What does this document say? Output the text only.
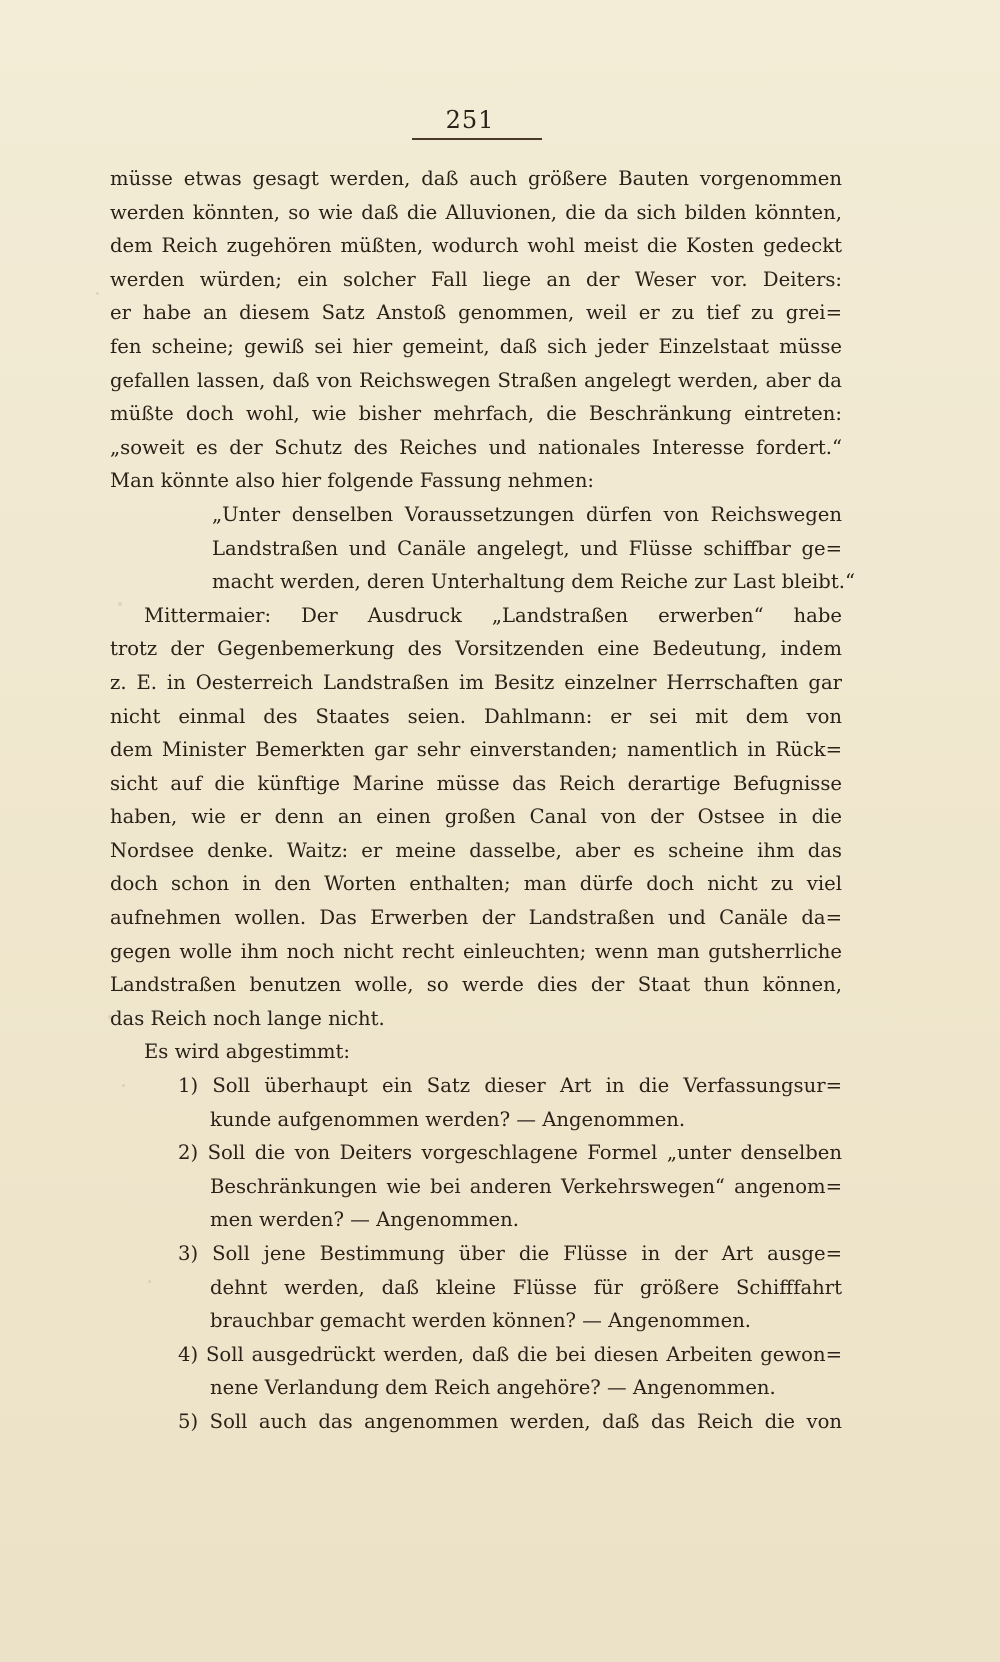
251
müsse etwas gesagt werden, daß auch größere Bauten vorgenommen
werden könnten, so wie daß die Alluvionen, die da sich bilden könnten,
dem Reich zugehören müßten, wodurch wohl meist die Kosten gedeckt
werden würden; ein solcher Fall liege an der Weser vor. Deiters:
er habe an diesem Satz Anstoß genommen, weil er zu tief zu grei=
fen scheine; gewiß sei hier gemeint, daß sich jeder Einzelstaat müsse
gefallen lassen, daß von Reichswegen Straßen angelegt werden, aber da
müßte doch wohl, wie bisher mehrfach, die Beschränkung eintreten:
„soweit es der Schutz des Reiches und nationales Interesse fordert.“
Man könnte also hier folgende Fassung nehmen:
„Unter denselben Voraussetzungen dürfen von Reichswegen
Landstraßen und Canäle angelegt, und Flüsse schiffbar ge=
macht werden, deren Unterhaltung dem Reiche zur Last bleibt.“
Mittermaier: Der Ausdruck „Landstraßen erwerben“ habe
trotz der Gegenbemerkung des Vorsitzenden eine Bedeutung, indem
z. E. in Oesterreich Landstraßen im Besitz einzelner Herrschaften gar
nicht einmal des Staates seien. Dahlmann: er sei mit dem von
dem Minister Bemerkten gar sehr einverstanden; namentlich in Rück=
sicht auf die künftige Marine müsse das Reich derartige Befugnisse
haben, wie er denn an einen großen Canal von der Ostsee in die
Nordsee denke. Waitz: er meine dasselbe, aber es scheine ihm das
doch schon in den Worten enthalten; man dürfe doch nicht zu viel
aufnehmen wollen. Das Erwerben der Landstraßen und Canäle da=
gegen wolle ihm noch nicht recht einleuchten; wenn man gutsherrliche
Landstraßen benutzen wolle, so werde dies der Staat thun können,
das Reich noch lange nicht.
Es wird abgestimmt:
1) Soll überhaupt ein Satz dieser Art in die Verfassungsur=
kunde aufgenommen werden? — Angenommen.
2) Soll die von Deiters vorgeschlagene Formel „unter denselben
Beschränkungen wie bei anderen Verkehrswegen“ angenom=
men werden? — Angenommen.
3) Soll jene Bestimmung über die Flüsse in der Art ausge=
dehnt werden, daß kleine Flüsse für größere Schifffahrt
brauchbar gemacht werden können? — Angenommen.
4) Soll ausgedrückt werden, daß die bei diesen Arbeiten gewon=
nene Verlandung dem Reich angehöre? — Angenommen.
5) Soll auch das angenommen werden, daß das Reich die von
